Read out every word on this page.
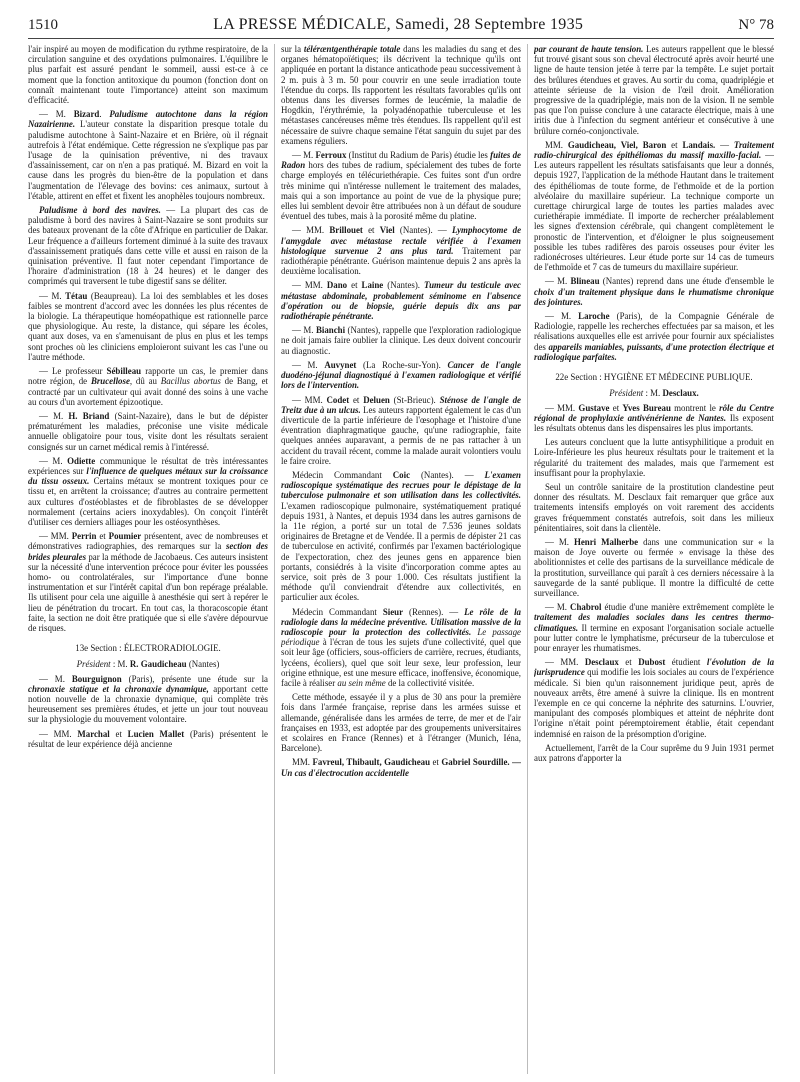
1510	LA PRESSE MÉDICALE, Samedi, 28 Septembre 1935	N° 78

l'air inspiré au moyen de modification du rythme respiratoire, de la circulation sanguine et des oxydations pulmonaires. L'équilibre le plus parfait est assuré pendant le sommeil, aussi est-ce à ce moment que la fonction antitoxique du poumon (fonction dont on connaît maintenant toute l'importance) atteint son maximum d'efficacité.

— M. Bizard. Paludisme autochtone dans la région Nazairienne. L'auteur constate la disparition presque totale du paludisme autochtone à Saint-Nazaire et en Brière, où il régnait autrefois à l'état endémique. Cette régression ne s'explique pas par l'usage de la quinisation préventive, ni des travaux d'assainissement, car on n'en a pas pratiqué. M. Bizard en voit la cause dans les progrès du bien-être de la population et dans l'augmentation de l'élevage des bovins: ces animaux, surtout à l'étable, attirent en effet et fixent les anophèles toujours nombreux.

Paludisme à bord des navires. — La plupart des cas de paludisme à bord des navires à Saint-Nazaire se sont produits sur des bateaux provenant de la côte d'Afrique en particulier de Dakar. Leur fréquence a d'ailleurs fortement diminué à la suite des travaux d'assainissement pratiqués dans cette ville et aussi en raison de la quinisation préventive. Il faut noter cependant l'importance de l'horaire d'administration (18 à 24 heures) et le danger des comprimés qui traversent le tube digestif sans se déliter.

— M. Tétau (Beaupreau). La loi des semblables et les doses faibles se montrent d'accord avec les données les plus récentes de la biologie. La thérapeutique homéopathique est rationnelle parce que physiologique. Au reste, la distance, qui sépare les écoles, quant aux doses, va en s'amenuisant de plus en plus et les temps sont proches où les cliniciens emploieront suivant les cas l'une ou l'autre méthode.

— Le professeur Sébilleau rapporte un cas, le premier dans notre région, de Brucellose, dû au Bacillus abortus de Bang, et contracté par un cultivateur qui avait donné des soins à une vache au cours d'un avortement épizootique.

— M. H. Briand (Saint-Nazaire), dans le but de dépister prématurément les maladies, préconise une visite médicale annuelle obligatoire pour tous, visite dont les résultats seraient consignés sur un carnet médical remis à l'intéressé.

— M. Odiette communique le résultat de très intéressantes expériences sur l'influence de quelques métaux sur la croissance du tissu osseux. Certains métaux se montrent toxiques pour ce tissu et, en arrêtent la croissance; d'autres au contraire permettent aux cultures d'ostéoblastes et de fibroblastes de se développer normalement (certains aciers inoxydables). On conçoit l'intérêt d'utiliser ces derniers alliages pour les ostéosynthèses.

— MM. Perrin et Poumier présentent, avec de nombreuses et démonstratives radiographies, des remarques sur la section des brides pleurales par la méthode de Jacobaeus. Ces auteurs insistent sur la nécessité d'une intervention précoce pour éviter les poussées homo- ou controlatérales, sur l'importance d'une bonne instrumentation et sur l'intérêt capital d'un bon repérage préalable. Ils utilisent pour cela une aiguille à anesthésie qui sert à repérer le lieu de pénétration du trocart. En tout cas, la thoracoscopie étant faite, la section ne doit être pratiquée que si elle s'avère dépourvue de risques.

13e Section : ÉLECTRORADIOLOGIE.

Président : M. R. Gaudicheau (Nantes)

— M. Bourguignon (Paris), présente une étude sur la chronaxie statique et la chronaxie dynamique, apportant cette notion nouvelle de la chronaxie dynamique, qui complète très heureusement ses premières études, et jette un jour tout nouveau sur la physiologie du mouvement volontaire.

— MM. Marchal et Lucien Mallet (Paris) présentent le résultat de leur expérience déjà ancienne

sur la téléræntgenthérapie totale dans les maladies du sang et des organes hématopoïétiques; ils décrivent la technique qu'ils ont appliquée en portant la distance anticathode peau successivement à 2 m. puis à 3 m. 50 pour couvrir en une seule irradiation toute l'étendue du corps. Ils rapportent les résultats favorables qu'ils ont obtenus dans les diverses formes de leucémie, la maladie de Hogdkin, l'érythrémie, la polyadénopathie tuberculeuse et les métastases cancéreuses même très étendues. Ils rappellent qu'il est nécessaire de suivre chaque semaine l'état sanguin du sujet par des examens réguliers.

— M. Ferroux (Institut du Radium de Paris) étudie les fuites de Radon hors des tubes de radium, spécialement des tubes de forte charge employés en télécuriethérapie. Ces fuites sont d'un ordre très minime qui n'intéresse nullement le traitement des malades, mais qui a son importance au point de vue de la physique pure; elles lui semblent devoir être attribuées non à un défaut de soudure éventuel des tubes, mais à la porosité même du platine.

— MM. Brillouet et Viel (Nantes). — Lymphocytome de l'amygdale avec métastase rectale vérifiée à l'examen histologique survenue 2 ans plus tard. Traitement par radiothérapie pénétrante. Guérison maintenue depuis 2 ans après la deuxième localisation.

— MM. Dano et Laine (Nantes). Tumeur du testicule avec métastase abdominale, probablement séminome en l'absence d'opération ou de biopsie, guérie depuis dix ans par radiothérapie pénétrante.

— M. Bianchi (Nantes), rappelle que l'exploration radiologique ne doit jamais faire oublier la clinique. Les deux doivent concourir au diagnostic.

— M. Auvynet (La Roche-sur-Yon). Cancer de l'angle duodéno-jéjunal diagnostiqué à l'examen radiologique et vérifié lors de l'intervention.

— MM. Codet et Deluen (St-Brieuc). Sténose de l'angle de Treitz due à un ulcus. Les auteurs rapportent également le cas d'un diverticule de la partie inférieure de l'œsophage et l'histoire d'une éventration diaphragmatique gauche, qu'une radiographie, faite quelques années auparavant, a permis de ne pas rattacher à un accident du travail récent, comme la malade aurait volontiers voulu le faire croire.

Médecin Commandant Coic (Nantes). — L'examen radioscopique systématique des recrues pour le dépistage de la tuberculose pulmonaire et son utilisation dans les collectivités. L'examen radioscopique pulmonaire, systématiquement pratiqué depuis 1931, à Nantes, et depuis 1934 dans les autres garnisons de la 11e région, a porté sur un total de 7.536 jeunes soldats originaires de Bretagne et de Vendée. Il a permis de dépister 21 cas de tuberculose en activité, confirmés par l'examen bactériologique de l'expectoration, chez des jeunes gens en apparence bien portants, consiédrés à la visite d'incorporation comme aptes au service, soit près de 3 pour 1.000. Ces résultats justifient la méthode qu'il conviendrait d'étendre aux collectivités, en particulier aux écoles.

Médecin Commandant Sieur (Rennes). — Le rôle de la radiologie dans la médecine préventive. Utilisation massive de la radioscopie pour la protection des collectivités. Le passage périodique à l'écran de tous les sujets d'une collectivité, quel que soit leur âge (officiers, sous-officiers de carrière, recrues, étudiants, lycéens, écoliers), quel que soit leur sexe, leur profession, leur origine ethnique, est une mesure efficace, inoffensive, économique, facile à réaliser au sein même de la collectivité visitée.

Cette méthode, essayée il y a plus de 30 ans pour la première fois dans l'armée française, reprise dans les armées suisse et allemande, généralisée dans les armées de terre, de mer et de l'air françaises en 1933, est adoptée par des groupements universitaires et scolaires en France (Rennes) et à l'étranger (Munich, Iéna, Barcelone).

MM. Favreul, Thibault, Gaudicheau et Gabriel Sourdille. — Un cas d'électrocution accidentelle

par courant de haute tension. Les auteurs rappellent que le blessé fut trouvé gisant sous son cheval électrocuté après avoir heurté une ligne de haute tension jetée à terre par la tempête. Le sujet portait des brûlures étendues et graves. Au sortir du coma, quadriplégie et atteinte sérieuse de la vision de l'œil droit. Amélioration progressive de la quadriplégie, mais non de la vision. Il ne semble pas que l'on puisse conclure à une cataracte électrique, mais à une iritis due à l'infection du segment antérieur et consécutive à une brûlure cornéo-conjonctivale.

MM. Gaudicheau, Viel, Baron et Landais. — Traitement radio-chirurgical des épithéliomas du massif maxillo-facial. — Les auteurs rappellent les résultats satisfaisants que leur a donnés, depuis 1927, l'application de la méthode Hautant dans le traitement des épithéliomas de toute forme, de l'ethmoïde et de la portion alvéolaire du maxillaire supérieur. La technique comporte un curettage chirurgical large de toutes les parties malades avec curiethérapie immédiate. Il importe de rechercher préalablement les signes d'extension cérébrale, qui changent complètement le pronostic de l'intervention, et d'éloigner le plus soigneusement possible les tubes radifères des parois osseuses pour éviter les radionécroses ultérieures. Leur étude porte sur 14 cas de tumeurs de l'ethmoïde et 7 cas de tumeurs du maxillaire supérieur.

— M. Blineau (Nantes) reprend dans une étude d'ensemble le choix d'un traitement physique dans le rhumatisme chronique des jointures.

— M. Laroche (Paris), de la Compagnie Générale de Radiologie, rappelle les recherches effectuées par sa maison, et les réalisations auxquelles elle est arrivée pour fournir aux spécialistes des appareils maniables, puissants, d'une protection électrique et radiologique parfaites.

22e Section : HYGIÈNE ET MÉDECINE PUBLIQUE.

Président : M. Desclaux.

— MM. Gustave et Yves Bureau montrent le rôle du Centre régional de prophylaxie antivénérienne de Nantes. Ils exposent les résultats obtenus dans les dispensaires les plus importants.

Les auteurs concluent que la lutte antisyphilitique a produit en Loire-Inférieure les plus heureux résultats pour le traitement et la régularité du traitement des malades, mais que l'armement est insuffisant pour la prophylaxie.

Seul un contrôle sanitaire de la prostitution clandestine peut donner des résultats. M. Desclaux fait remarquer que grâce aux traitements intensifs employés on voit rarement des accidents graves fréquemment constatés autrefois, soit dans les milieux pénitentiaires, soit dans la clientèle.

— M. Henri Malherbe dans une communication sur « la maison de Joye ouverte ou fermée » envisage la thèse des abolitionnistes et celle des partisans de la surveillance médicale de la prostitution, surveillance qui paraît à ces derniers nécessaire à la sauvegarde de la santé publique. Il montre la difficulté de cette surveillance.

— M. Chabrol étudie d'une manière extrêmement complète le traitement des maladies sociales dans les centres thermo-climatiques. Il termine en exposant l'organisation sociale actuelle pour lutter contre le lymphatisme, précurseur de la tuberculose et pour enrayer les rhumatismes.

— MM. Desclaux et Dubost étudient l'évolution de la jurisprudence qui modifie les lois sociales au cours de l'expérience médicale. Si bien qu'un raisonnement juridique peut, après de nouveaux arrêts, être amené à suivre la clinique. Ils en montrent l'exemple en ce qui concerne la néphrite des saturnins. L'ouvrier, manipulant des composés plombiques et atteint de néphrite dont l'origine n'était point péremptoirement établie, était cependant indemnisé en raison de la présomption d'origine.

Actuellement, l'arrêt de la Cour suprême du 9 Juin 1931 permet aux patrons d'apporter la
